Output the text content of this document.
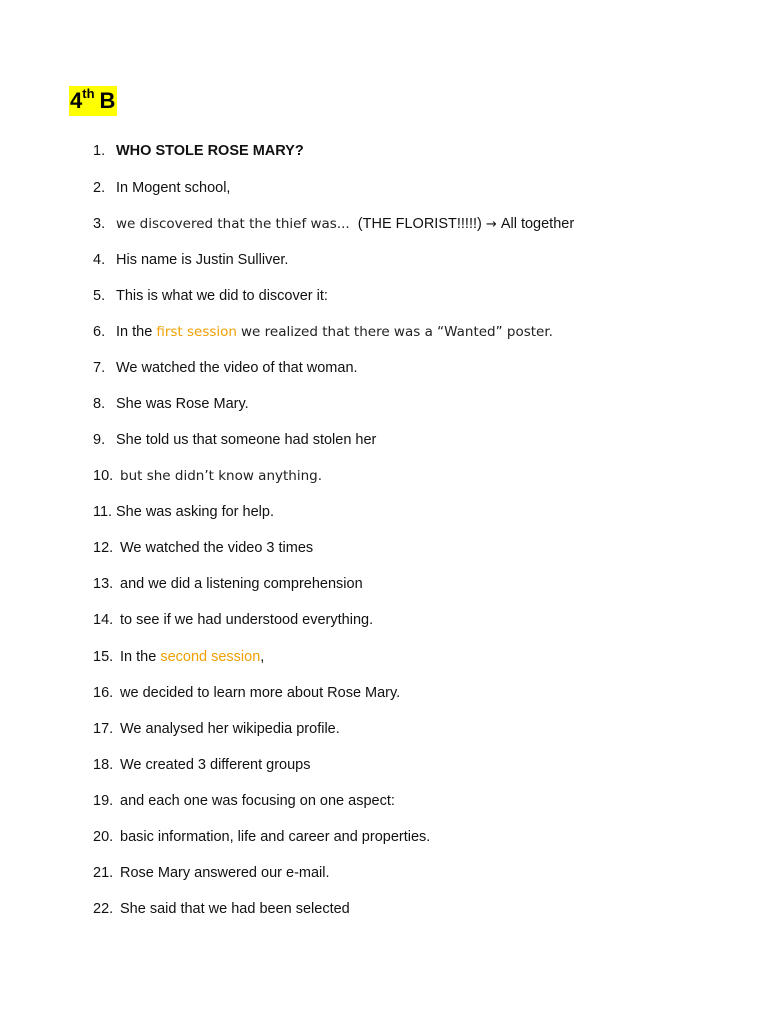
4th B
1. WHO STOLE ROSE MARY?
2. In Mogent school,
3. we discovered that the thief was... (THE FLORIST!!!!!) → All together
4. His name is Justin Sulliver.
5. This is what we did to discover it:
6. In the first session we realized that there was a “Wanted” poster.
7. We watched the video of that woman.
8. She was Rose Mary.
9. She told us that someone had stolen her
10. but she didn’t know anything.
11. She was asking for help.
12. We watched the video 3 times
13. and we did a listening comprehension
14. to see if we had understood everything.
15. In the second session,
16. we decided to learn more about Rose Mary.
17. We analysed her wikipedia profile.
18. We created 3 different groups
19. and each one was focusing on one aspect:
20. basic information, life and career and properties.
21. Rose Mary answered our e-mail.
22. She said that we had been selected
